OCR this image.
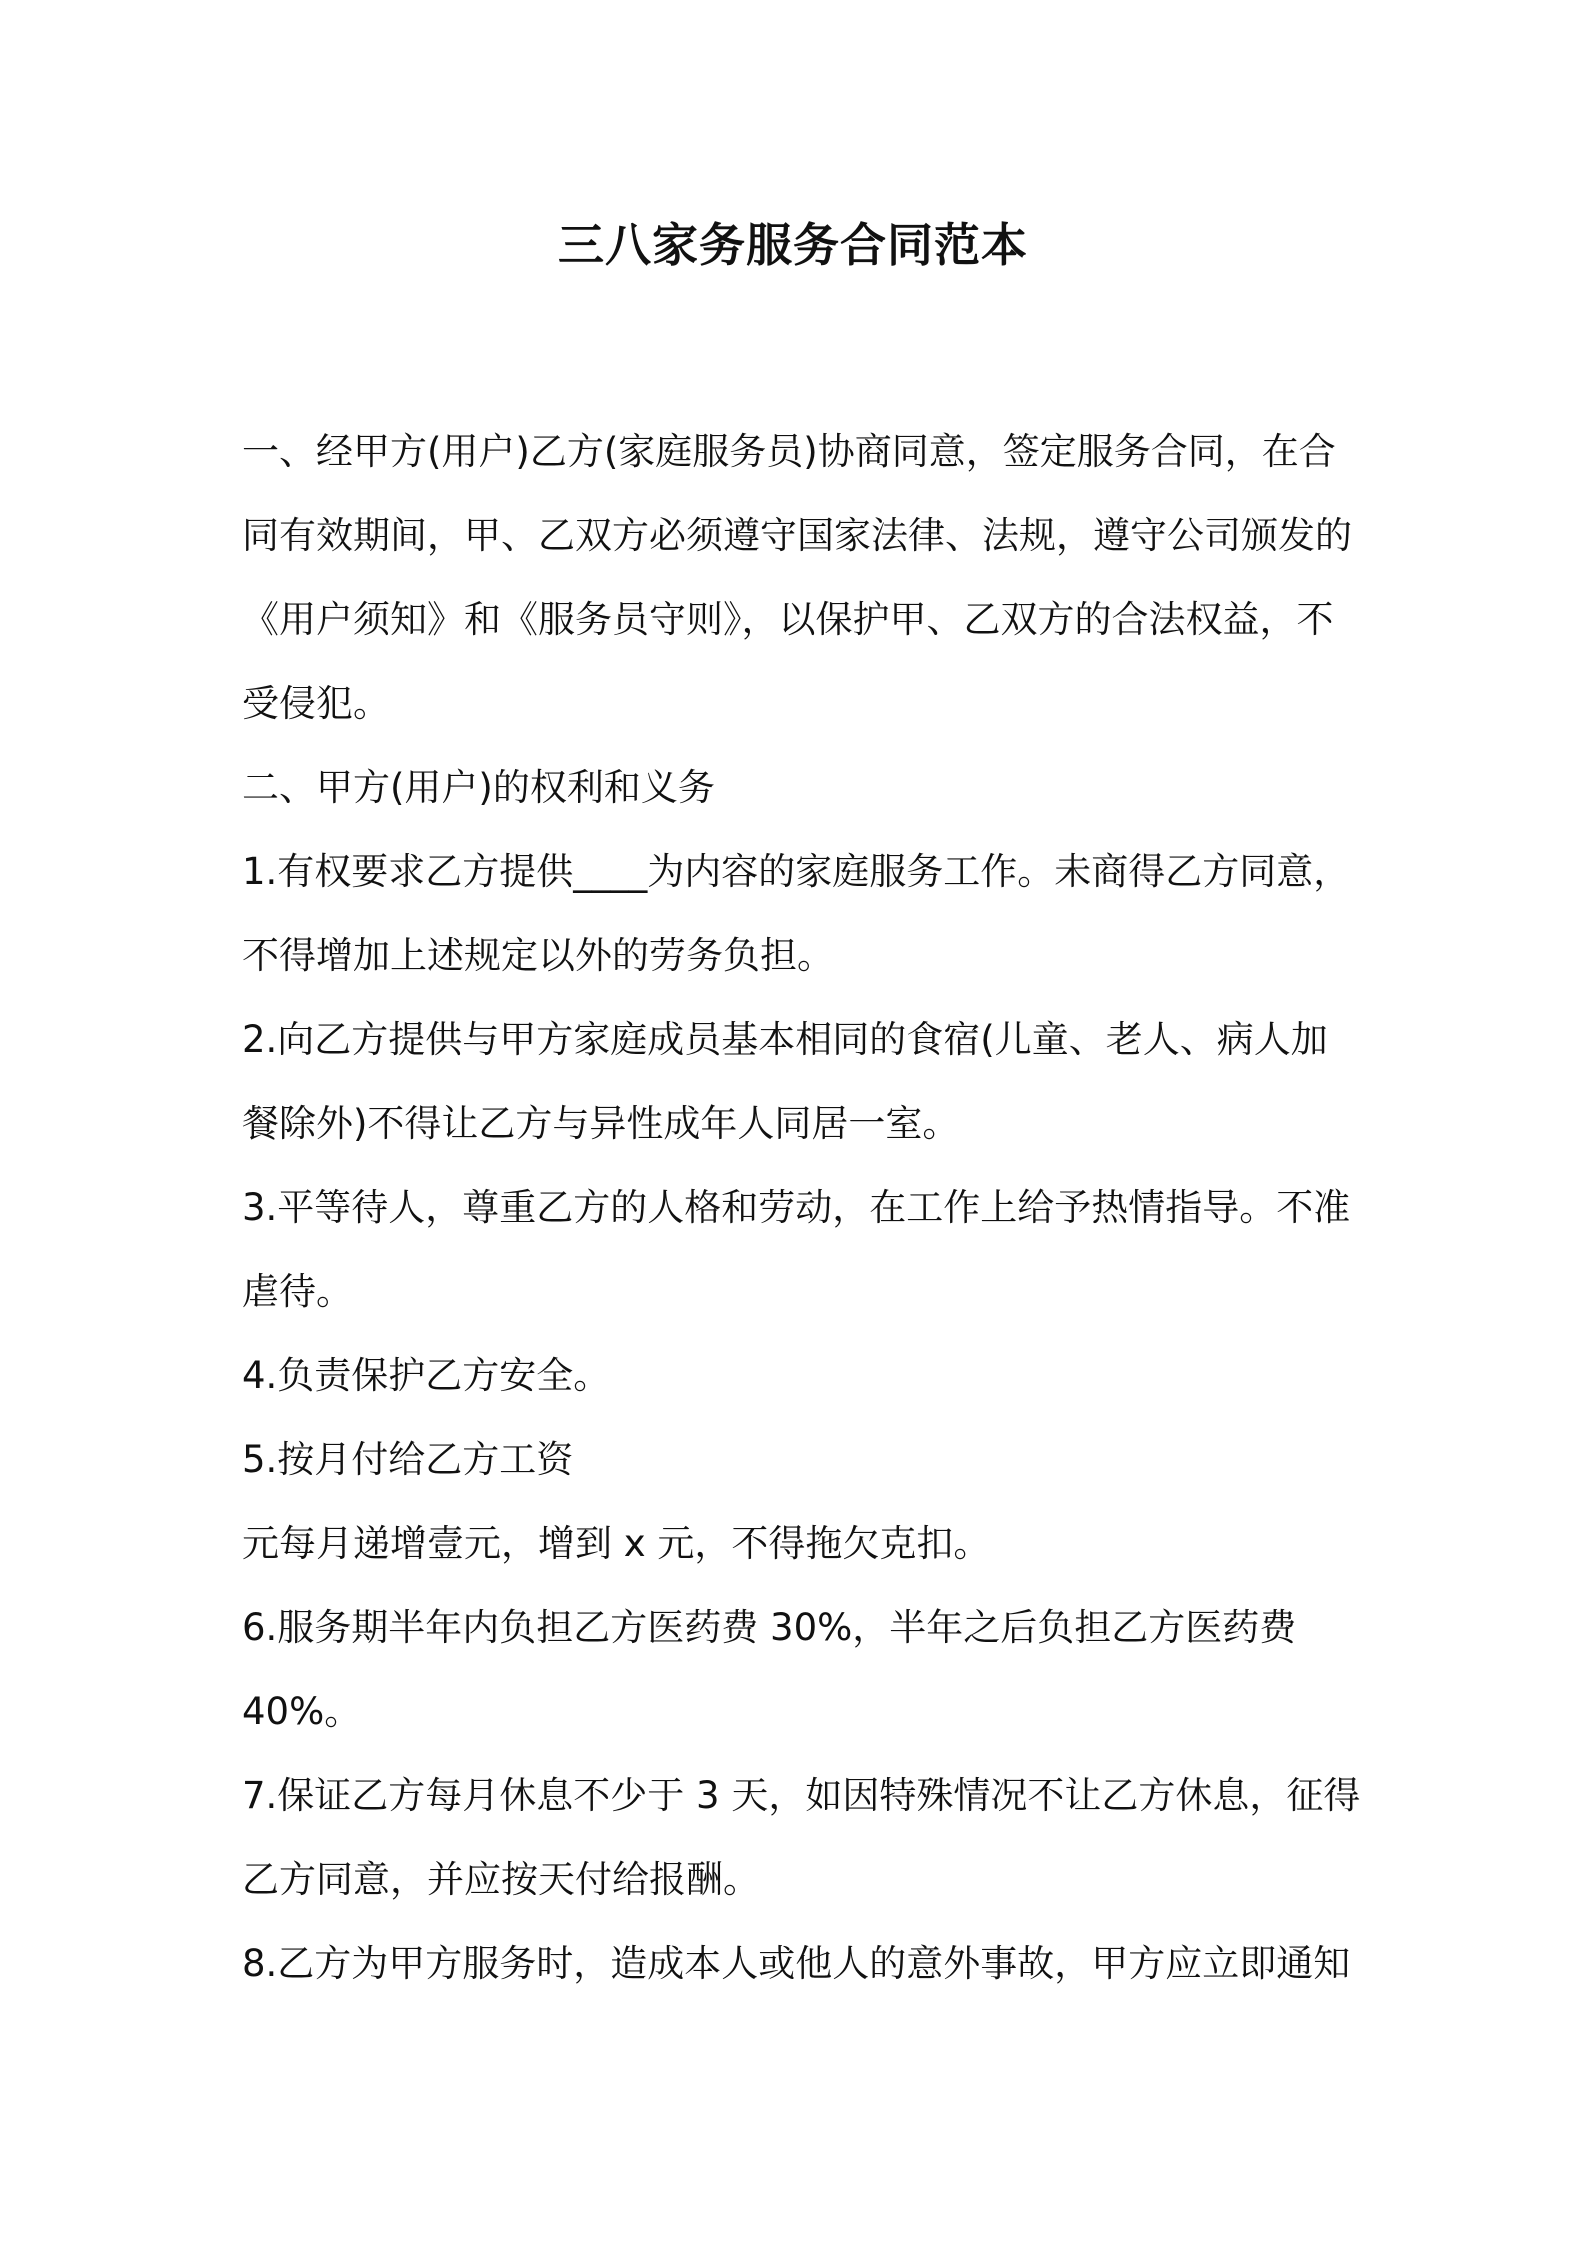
三八家务服务合同范本

一、经甲方(用户)乙方(家庭服务员)协商同意，签定服务合同，在合
同有效期间，甲、乙双方必须遵守国家法律、法规，遵守公司颁发的
《用户须知》和《服务员守则》，以保护甲、乙双方的合法权益，不
受侵犯。

二、甲方(用户)的权利和义务

1.有权要求乙方提供____为内容的家庭服务工作。未商得乙方同意，
不得增加上述规定以外的劳务负担。

2.向乙方提供与甲方家庭成员基本相同的食宿(儿童、老人、病人加
餐除外)不得让乙方与异性成年人同居一室。

3.平等待人，尊重乙方的人格和劳动，在工作上给予热情指导。不准
虐待。

4.负责保护乙方安全。

5.按月付给乙方工资

元每月递增壹元，增到 x 元，不得拖欠克扣。

6.服务期半年内负担乙方医药费 30%，半年之后负担乙方医药费
40%。

7.保证乙方每月休息不少于 3 天，如因特殊情况不让乙方休息，征得
乙方同意，并应按天付给报酬。

8.乙方为甲方服务时，造成本人或他人的意外事故，甲方应立即通知
